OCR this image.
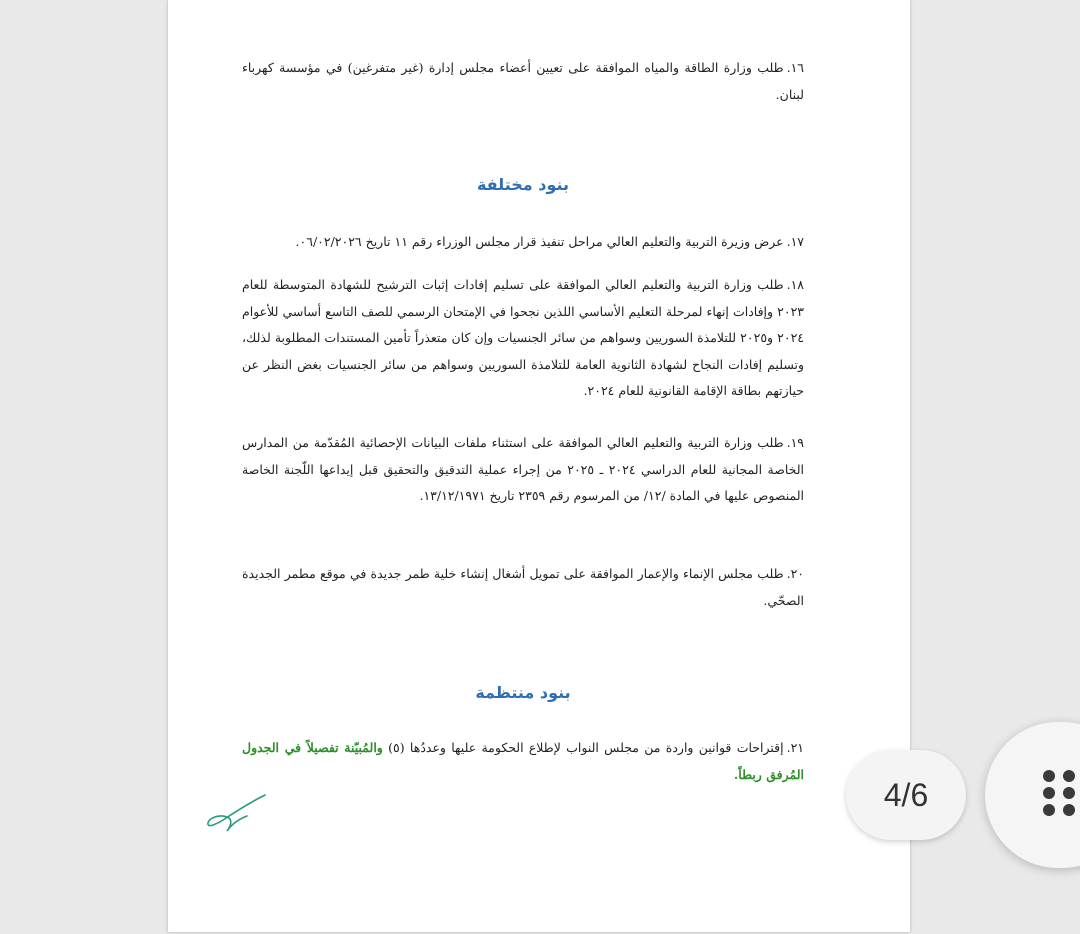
١٦.طلب وزارة الطاقة والمياه الموافقة على تعيين أعضاء مجلس إدارة (غير متفرغين) في مؤسسة كهرباء لبنان.
بنود مختلفة
١٧.عرض وزيرة التربية والتعليم العالي مراحل تنفيذ قرار مجلس الوزراء رقم ١١ تاريخ ٠٦/٠٢/٢٠٢٦.
١٨.طلب وزارة التربية والتعليم العالي الموافقة على تسليم إفادات إثبات الترشيح للشهادة المتوسطة للعام ٢٠٢٣ وإفادات إنهاء لمرحلة التعليم الأساسي اللذين نجحوا في الإمتحان الرسمي للصف التاسع أساسي للأعوام ٢٠٢٤ و٢٠٢٥ للتلامذة السوريين وسواهم من سائر الجنسيات وإن كان متعذراً تأمين المستندات المطلوبة لذلك، وتسليم إفادات النجاح لشهادة الثانوية العامة للتلامذة السوريين وسواهم من سائر الجنسيات بغض النظر عن حيازتهم بطاقة الإقامة القانونية للعام ٢٠٢٤.
١٩.طلب وزارة التربية والتعليم العالي الموافقة على استثناء ملفات البيانات الإحصائية المُقدّمة من المدارس الخاصة المجانية للعام الدراسي ٢٠٢٤ ـ ٢٠٢٥ من إجراء عملية التدقيق والتحقيق قبل إيداعها اللّجنة الخاصة المنصوص عليها في المادة /١٢/ من المرسوم رقم ٢٣٥٩ تاريخ ١٣/١٢/١٩٧١.
٢٠.طلب مجلس الإنماء والإعمار الموافقة على تمويل أشغال إنشاء خلية طمر جديدة في موقع مطمر الجديدة الصحّي.
بنود منتظمة
٢١.إقتراحات قوانين واردة من مجلس النواب لإطلاع الحكومة عليها وعددُها (٥) والمُبيّنة تفصيلاً في الجدول المُرفق ربطاً.
4/6
